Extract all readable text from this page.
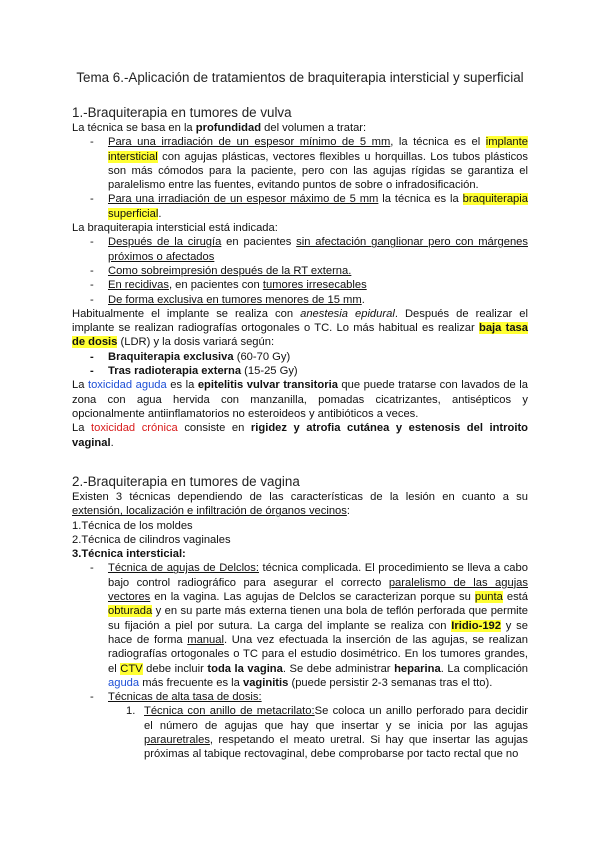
Tema 6.-Aplicación de tratamientos de braquiterapia intersticial y superficial
1.-Braquiterapia en tumores de vulva

La técnica se basa en la profundidad del volumen a tratar:

- Para una irradiación de un espesor mínimo de 5 mm, la técnica es el implante intersticial con agujas plásticas, vectores flexibles u horquillas. Los tubos plásticos son más cómodos para la paciente, pero con las agujas rígidas se garantiza el paralelismo entre las fuentes, evitando puntos de sobre o infradosificación.
- Para una irradiación de un espesor máximo de 5 mm la técnica es la braquiterapia superficial.

La braquiterapia intersticial está indicada:

- Después de la cirugía en pacientes sin afectación ganglionar pero con márgenes próximos o afectados
- Como sobreimpresión después de la RT externa.
- En recidivas, en pacientes con tumores irresecables
- De forma exclusiva en tumores menores de 15 mm.

Habitualmente el implante se realiza con anestesia epidural. Después de realizar el implante se realizan radiografías ortogonales o TC. Lo más habitual es realizar baja tasa de dosis (LDR) y la dosis variará según:

- Braquiterapia exclusiva (60-70 Gy)
- Tras radioterapia externa (15-25 Gy)

La toxicidad aguda es la epitelitis vulvar transitoria que puede tratarse con lavados de la zona con agua hervida con manzanilla, pomadas cicatrizantes, antisépticos y opcionalmente antiinflamatorios no esteroideos y antibióticos a veces.

La toxicidad crónica consiste en rigidez y atrofia cutánea y estenosis del introito vaginal.

2.-Braquiterapia en tumores de vagina

Existen 3 técnicas dependiendo de las características de la lesión en cuanto a su extensión, localización e infiltración de órganos vecinos:

1.Técnica de los moldes

2.Técnica de cilindros vaginales

3.Técnica intersticial:

- Técnica de agujas de Delclos: técnica complicada. El procedimiento se lleva a cabo bajo control radiográfico para asegurar el correcto paralelismo de las agujas vectores en la vagina. Las agujas de Delclos se caracterizan porque su punta está obturada y en su parte más externa tienen una bola de teflón perforada que permite su fijación a piel por sutura. La carga del implante se realiza con Iridio-192 y se hace de forma manual. Una vez efectuada la inserción de las agujas, se realizan radiografías ortogonales o TC para el estudio dosimétrico. En los tumores grandes, el CTV debe incluir toda la vagina. Se debe administrar heparina. La complicación aguda más frecuente es la vaginitis (puede persistir 2-3 semanas tras el tto).
- Técnicas de alta tasa de dosis:
1. Técnica con anillo de metacrilato:Se coloca un anillo perforado para decidir el número de agujas que hay que insertar y se inicia por las agujas parauretrales, respetando el meato uretral. Si hay que insertar las agujas próximas al tabique rectovaginal, debe comprobarse por tacto rectal que no
